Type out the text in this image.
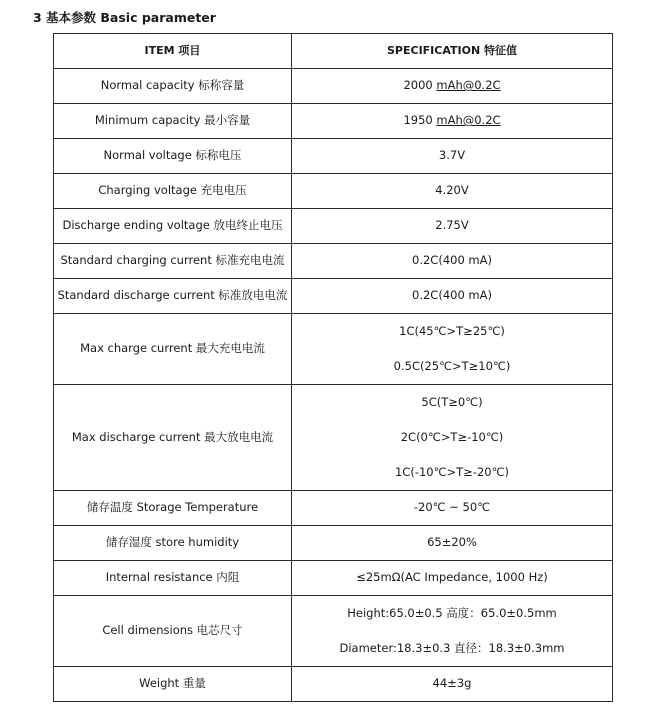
3 基本参数 Basic parameter
ITEM 项目	SPECIFICATION 特征值
Normal capacity 标称容量	2000 mAh@0.2C
Minimum capacity 最小容量	1950 mAh@0.2C
Normal voltage 标称电压	3.7V
Charging voltage 充电电压	4.20V
Discharge ending voltage 放电终止电压	2.75V
Standard charging current 标准充电电流	0.2C(400 mA)
Standard discharge current 标准放电电流	0.2C(400 mA)
Max charge current 最大充电电流	1C(45℃>T≥25℃)
0.5C(25℃>T≥10℃)

Max discharge current 最大放电电流	5C(T≥0℃)
2C(0℃>T≥-10℃)
1C(-10℃>T≥-20℃)

储存温度 Storage Temperature	-20℃ ~ 50℃
储存湿度 store humidity	65±20%
Internal resistance 内阻	≤25mΩ(AC Impedance, 1000 Hz)
Cell dimensions 电芯尺寸	Height:65.0±0.5 高度：65.0±0.5mm
Diameter:18.3±0.3 直径：18.3±0.3mm

Weight 重量	44±3g
